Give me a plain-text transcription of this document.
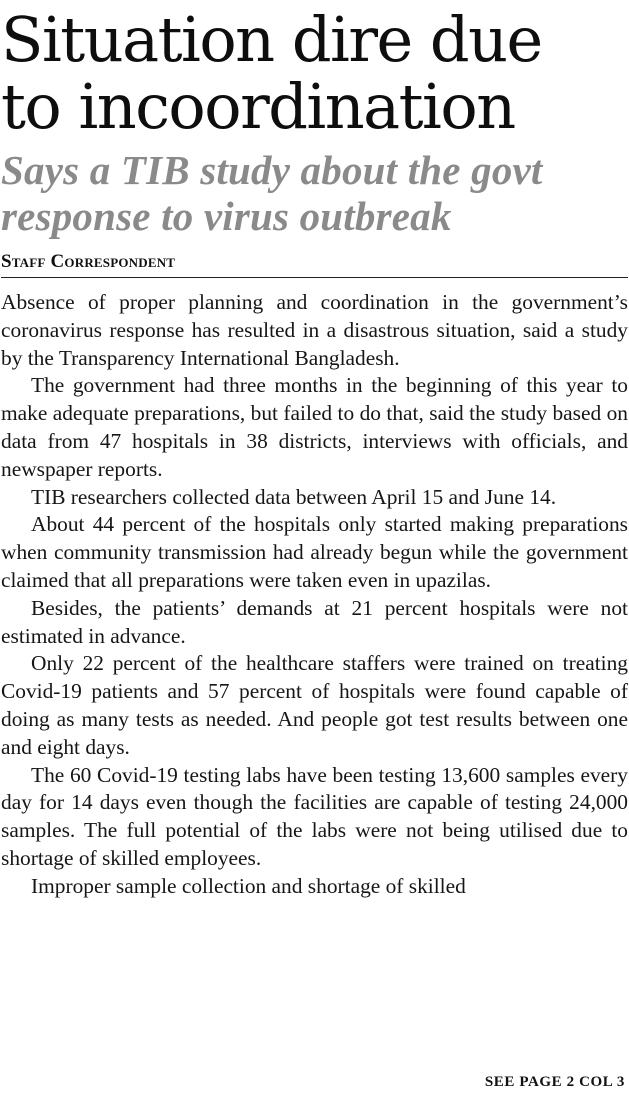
Situation dire due
to incoordination
Says a TIB study about the govt
response to virus outbreak
Staff Correspondent

Absence of proper planning and coordination in the government’s coronavirus response has resulted in a disastrous situation, said a study by the Transparency International Bangladesh.

The government had three months in the beginning of this year to make adequate preparations, but failed to do that, said the study based on data from 47 hospitals in 38 districts, interviews with officials, and newspaper reports.

TIB researchers collected data between April 15 and June 14.

About 44 percent of the hospitals only started making preparations when community transmission had already begun while the government claimed that all preparations were taken even in upazilas.

Besides, the patients’ demands at 21 percent hospitals were not estimated in advance.

Only 22 percent of the healthcare staffers were trained on treating Covid-19 patients and 57 percent of hospitals were found capable of doing as many tests as needed. And people got test results between one and eight days.

The 60 Covid-19 testing labs have been testing 13,600 samples every day for 14 days even though the facilities are capable of testing 24,000 samples. The full potential of the labs were not being utilised due to shortage of skilled employees.

Improper sample collection and shortage of skilled

SEE PAGE 2 COL 3
